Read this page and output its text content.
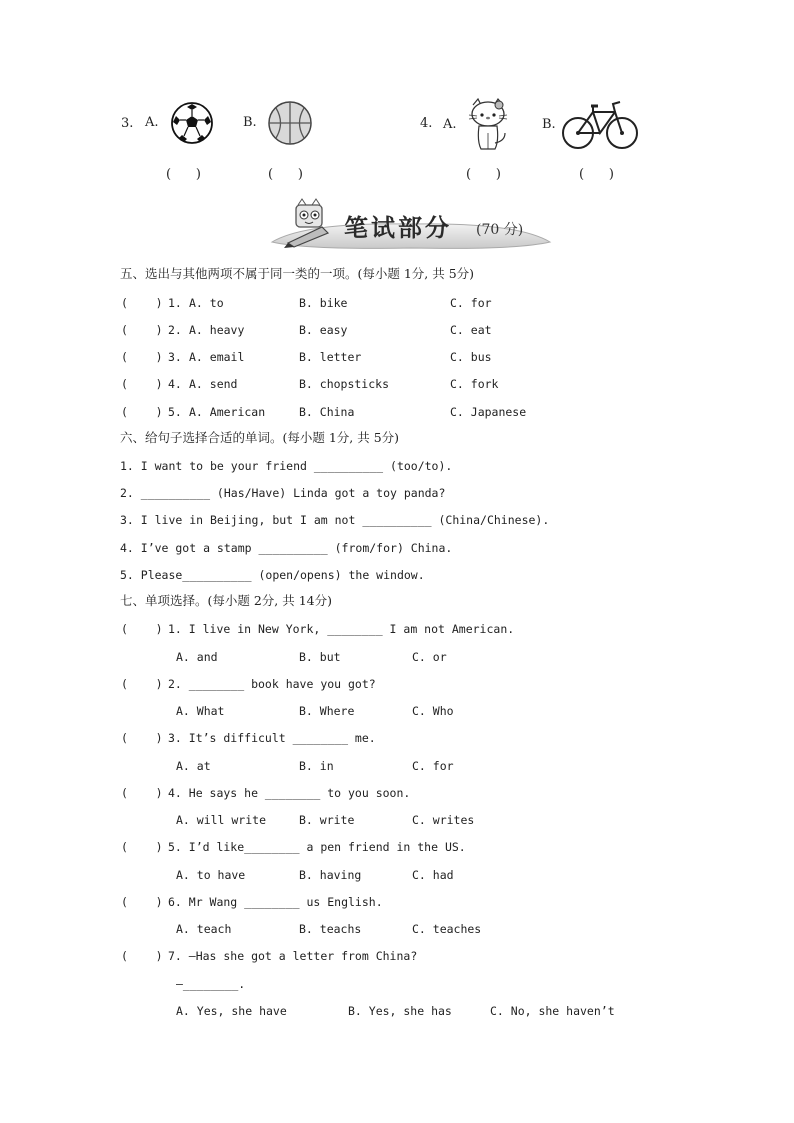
3. A.	B.
(      )	(      )
4. A.	B.
(      )	(      )
笔试部分 (70 分)
五、选出与其他两项不属于同一类的一项。(每小题 1分, 共 5分)
(    ) 1. A. to	B. bike	C. for
(    ) 2. A. heavy	B. easy	C. eat
(    ) 3. A. email	B. letter	C. bus
(    ) 4. A. send	B. chopsticks	C. fork
(    ) 5. A. American	B. China	C. Japanese
六、给句子选择合适的单词。(每小题 1分, 共 5分)
1. I want to be your friend __________ (too/to).
2. __________ (Has/Have) Linda got a toy panda?
3. I live in Beijing, but I am not __________ (China/Chinese).
4. I’ve got a stamp __________ (from/for) China.
5. Please__________ (open/opens) the window.
七、单项选择。(每小题 2分, 共 14分)
(    ) 1. I live in New York, ________ I am not American.
A. and	B. but	C. or
(    ) 2. ________ book have you got?
A. What	B. Where	C. Who
(    ) 3. It’s difficult ________ me.
A. at	B. in	C. for
(    ) 4. He says he ________ to you soon.
A. will write	B. write	C. writes
(    ) 5. I’d like________ a pen friend in the US.
A. to have	B. having	C. had
(    ) 6. Mr Wang ________ us English.
A. teach	B. teachs	C. teaches
(    ) 7. —Has she got a letter from China?
—________.
A. Yes, she have	B. Yes, she has	C. No, she haven’t
